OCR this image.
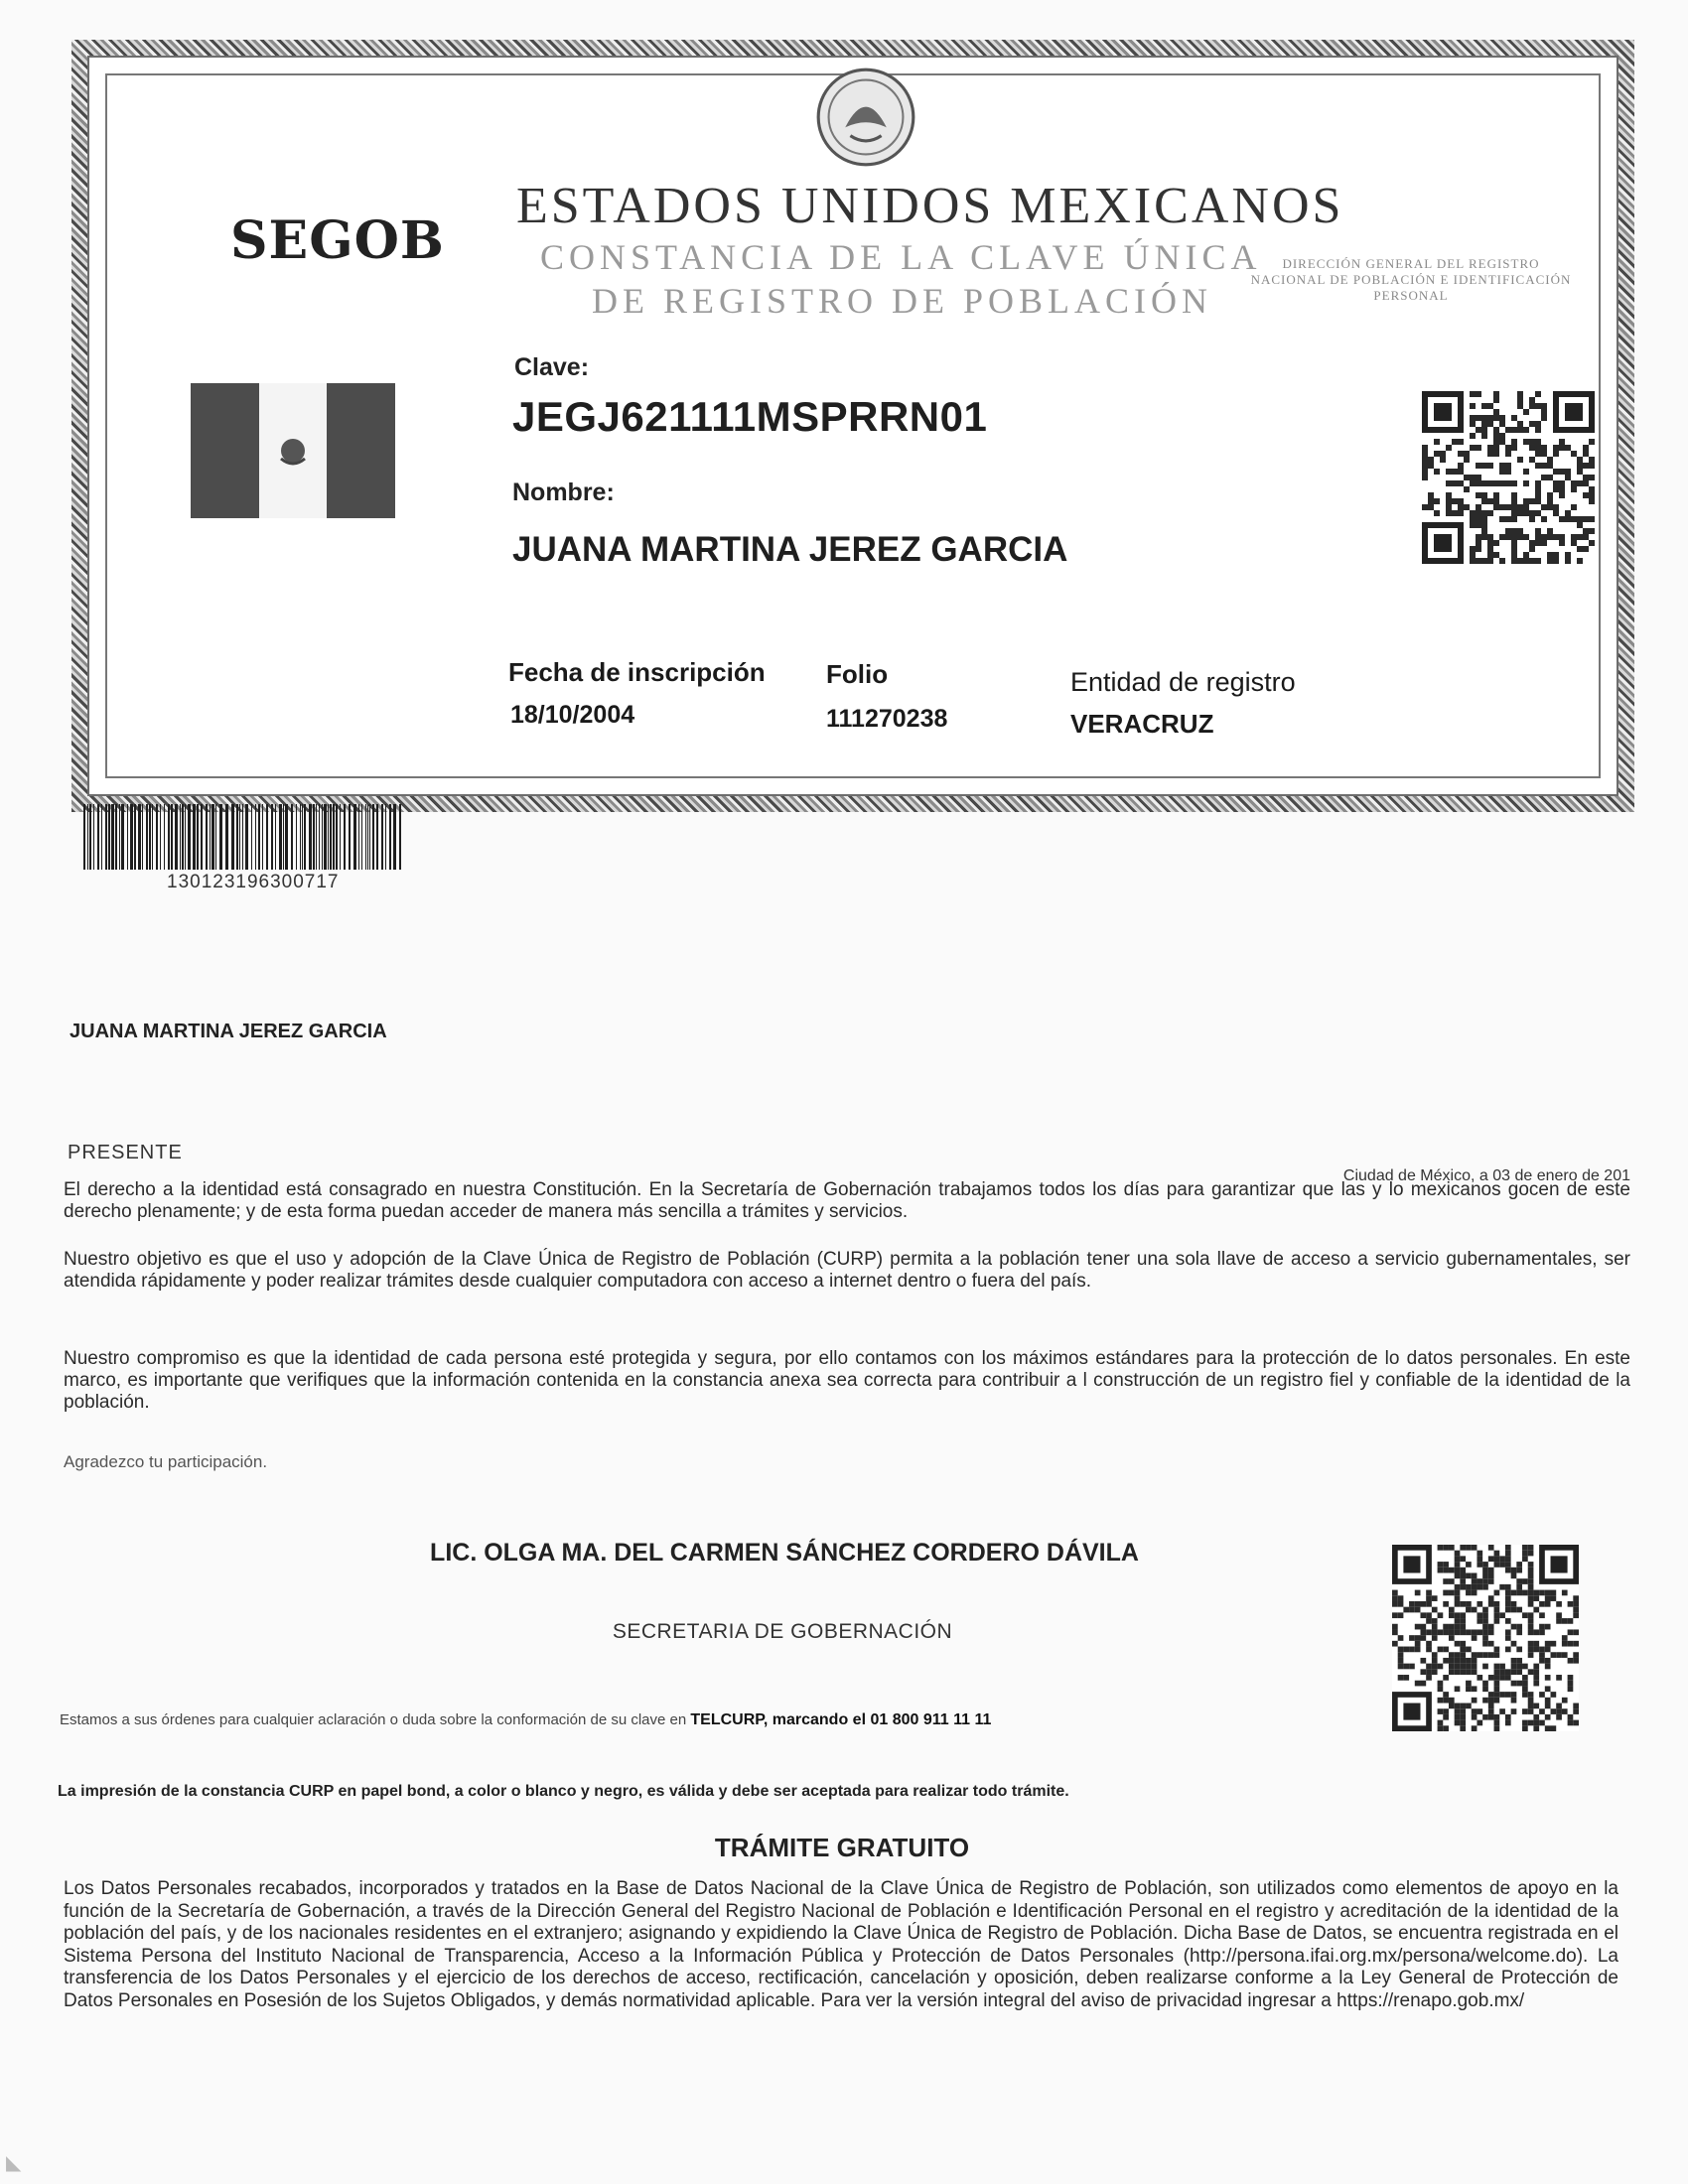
SEGOB
ESTADOS UNIDOS MEXICANOS
CONSTANCIA DE LA CLAVE ÚNICA
DE REGISTRO DE POBLACIÓN
DIRECCIÓN GENERAL DEL REGISTRO NACIONAL DE POBLACIÓN E IDENTIFICACIÓN PERSONAL
Clave:
JEGJ621111MSPRRN01
Nombre:
JUANA MARTINA JEREZ GARCIA
Fecha de inscripción
18/10/2004
Folio
111270238
Entidad de registro
VERACRUZ
130123196300717
JUANA MARTINA JEREZ GARCIA
PRESENTE
Ciudad de México, a 03 de enero de 201
El derecho a la identidad está consagrado en nuestra Constitución. En la Secretaría de Gobernación trabajamos todos los días para garantizar que las y lo mexicanos gocen de este derecho plenamente; y de esta forma puedan acceder de manera más sencilla a trámites y servicios.
Nuestro objetivo es que el uso y adopción de la Clave Única de Registro de Población (CURP) permita a la población tener una sola llave de acceso a servicio gubernamentales, ser atendida rápidamente y poder realizar trámites desde cualquier computadora con acceso a internet dentro o fuera del país.
Nuestro compromiso es que la identidad de cada persona esté protegida y segura, por ello contamos con los máximos estándares para la protección de lo datos personales. En este marco, es importante que verifiques que la información contenida en la constancia anexa sea correcta para contribuir a l construcción de un registro fiel y confiable de la identidad de la población.
Agradezco tu participación.
LIC. OLGA MA. DEL CARMEN SÁNCHEZ CORDERO DÁVILA
SECRETARIA DE GOBERNACIÓN
Estamos a sus órdenes para cualquier aclaración o duda sobre la conformación de su clave en TELCURP, marcando el 01 800 911 11 11
La impresión de la constancia CURP en papel bond, a color o blanco y negro, es válida y debe ser aceptada para realizar todo trámite.
TRÁMITE GRATUITO
Los Datos Personales recabados, incorporados y tratados en la Base de Datos Nacional de la Clave Única de Registro de Población, son utilizados como elementos de apoyo en la función de la Secretaría de Gobernación, a través de la Dirección General del Registro Nacional de Población e Identificación Personal en el registro y acreditación de la identidad de la población del país, y de los nacionales residentes en el extranjero; asignando y expidiendo la Clave Única de Registro de Población. Dicha Base de Datos, se encuentra registrada en el Sistema Persona del Instituto Nacional de Transparencia, Acceso a la Información Pública y Protección de Datos Personales (http://persona.ifai.org.mx/persona/welcome.do). La transferencia de los Datos Personales y el ejercicio de los derechos de acceso, rectificación, cancelación y oposición, deben realizarse conforme a la Ley General de Protección de Datos Personales en Posesión de los Sujetos Obligados, y demás normatividad aplicable. Para ver la versión integral del aviso de privacidad ingresar a https://renapo.gob.mx/
◣
